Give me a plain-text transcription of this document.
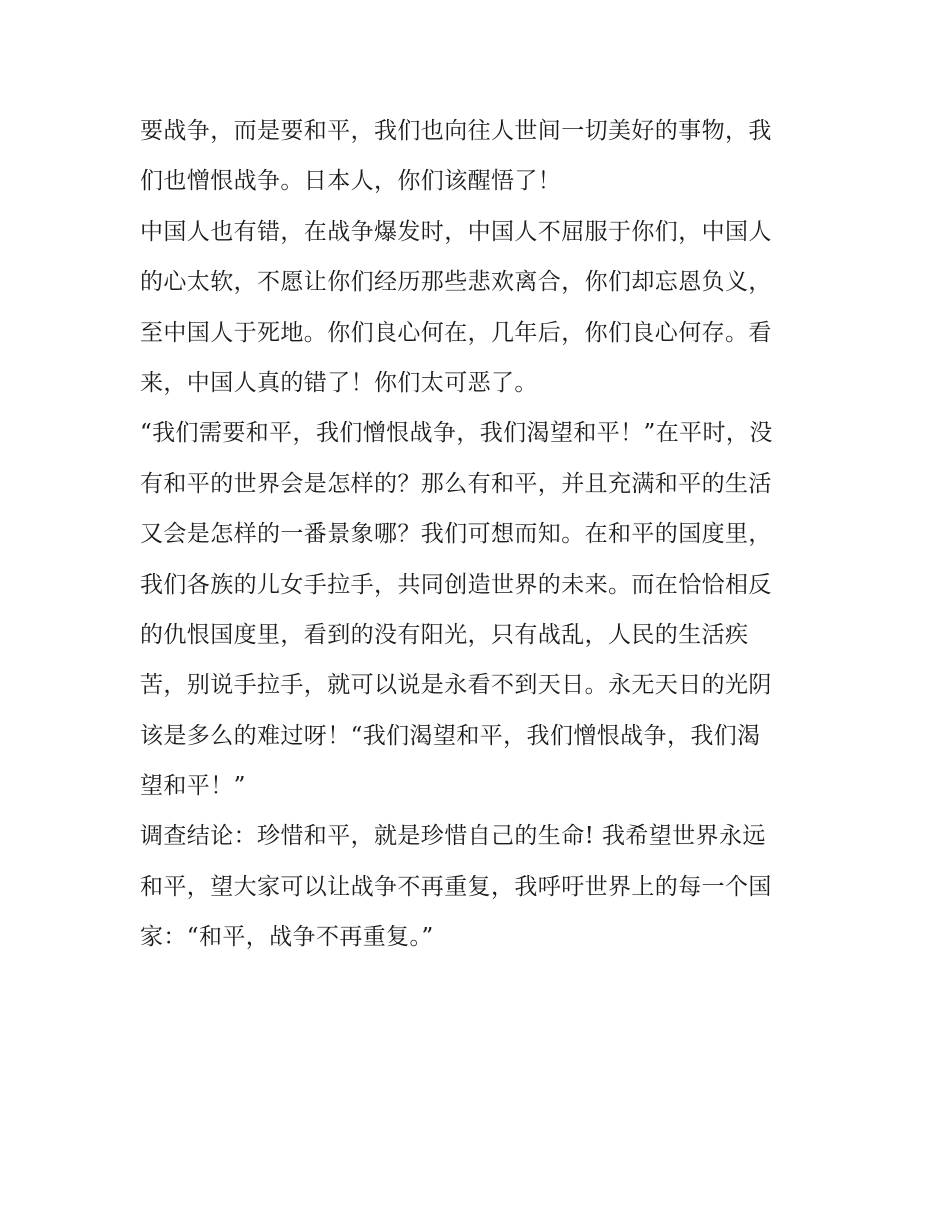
要战争，而是要和平，我们也向往人世间一切美好的事物，我
们也憎恨战争。日本人，你们该醒悟了！
中国人也有错，在战争爆发时，中国人不屈服于你们，中国人
的心太软，不愿让你们经历那些悲欢离合，你们却忘恩负义，
至中国人于死地。你们良心何在，几年后，你们良心何存。看
来，中国人真的错了！你们太可恶了。
“我们需要和平，我们憎恨战争，我们渴望和平！”在平时，没
有和平的世界会是怎样的？那么有和平，并且充满和平的生活
又会是怎样的一番景象哪？我们可想而知。在和平的国度里，
我们各族的儿女手拉手，共同创造世界的未来。而在恰恰相反
的仇恨国度里，看到的没有阳光，只有战乱，人民的生活疾
苦，别说手拉手，就可以说是永看不到天日。永无天日的光阴
该是多么的难过呀！“我们渴望和平，我们憎恨战争，我们渴
望和平！”
调查结论：珍惜和平，就是珍惜自己的生命! 我希望世界永远
和平，望大家可以让战争不再重复，我呼吁世界上的每一个国
家：“和平，战争不再重复。”
